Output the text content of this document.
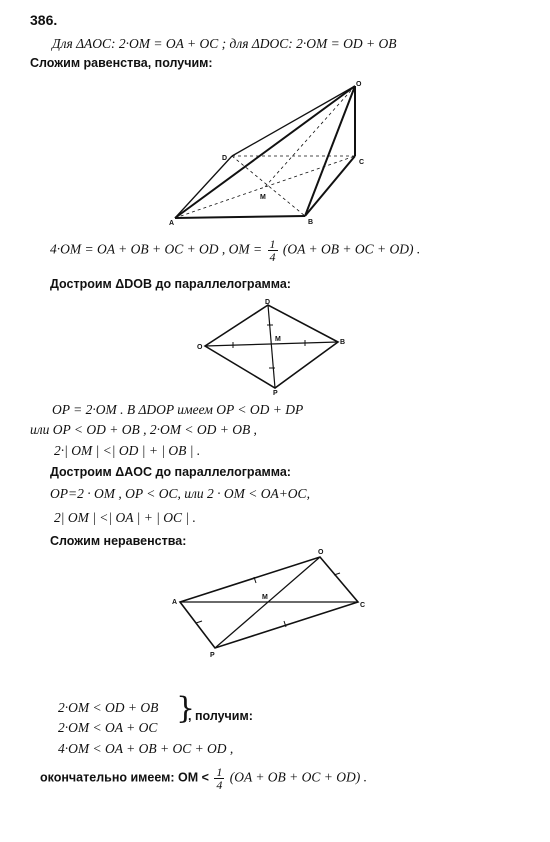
386.
Для ΔAOC: 2·OM = OA + OC ; для ΔDOC: 2·OM = OD + OB
Сложим равенства, получим:
O
D
A	B
C
M
4·OM = OA + OB + OC + OD , OM = $\frac{1}{4} (OA$ + OB + OC + OD) .
Достроим ΔDOB до параллелограмма:
O
D
B
P
M
OP = 2·OM . В ΔDOP имеем OP < OD + DP
или OP < OD + OB , 2·OM < OD + OB ,
2·| OM | <| OD | + | OB | .
Достроим ΔAOC до параллелограмма:
OP=2 · OM , OP < OC, или 2 · OM < OA+OC,
2| OM | <| OA | + | OC | .
Сложим неравенства:
A
O
C
P
M
2·OM < OD + OB
2·OM < OA + OC
}
, получим:
4·OM < OA + OB + OC + OD ,
окончательно имеем: OM < $\frac{1}{4} (OA$ + OB + OC + OD) .
